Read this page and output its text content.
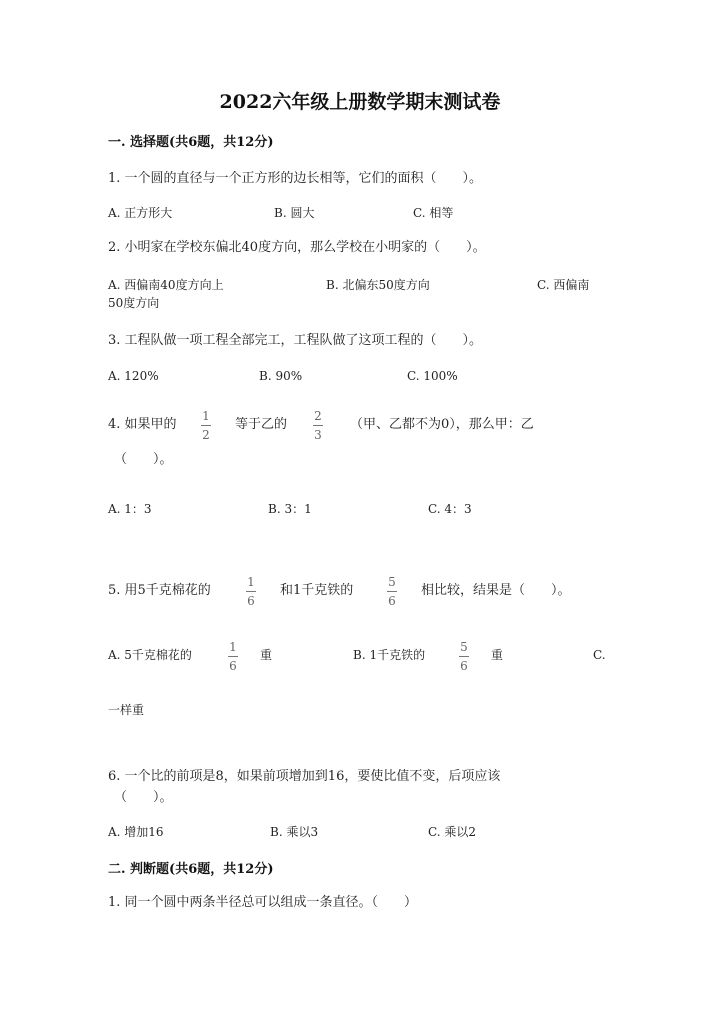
2022六年级上册数学期末测试卷
一. 选择题(共6题，共12分)
1. 一个圆的直径与一个正方形的边长相等，它们的面积（　　）。
A. 正方形大	B. 圆大	C. 相等
2. 小明家在学校东偏北40度方向，那么学校在小明家的（　　）。
A. 西偏南40度方向上	B. 北偏东50度方向	C. 西偏南
50度方向
3. 工程队做一项工程全部完工，工程队做了这项工程的（　　）。
A. 120%	B. 90%	C. 100%
4. 如果甲的
1
2
等于乙的
2
3
（甲、乙都不为0），那么甲：乙
（　　）。
A. 1：3	B. 3：1	C. 4：3
5. 用5千克棉花的
1
6
和1千克铁的
5
6
相比较，结果是（　　）。
A. 5千克棉花的
1
6
重	B. 1千克铁的
5
6
重	C.
一样重
6. 一个比的前项是8，如果前项增加到16，要使比值不变，后项应该
（　　）。
A. 增加16	B. 乘以3	C. 乘以2
二. 判断题(共6题，共12分)
1. 同一个圆中两条半径总可以组成一条直径。（　　）
